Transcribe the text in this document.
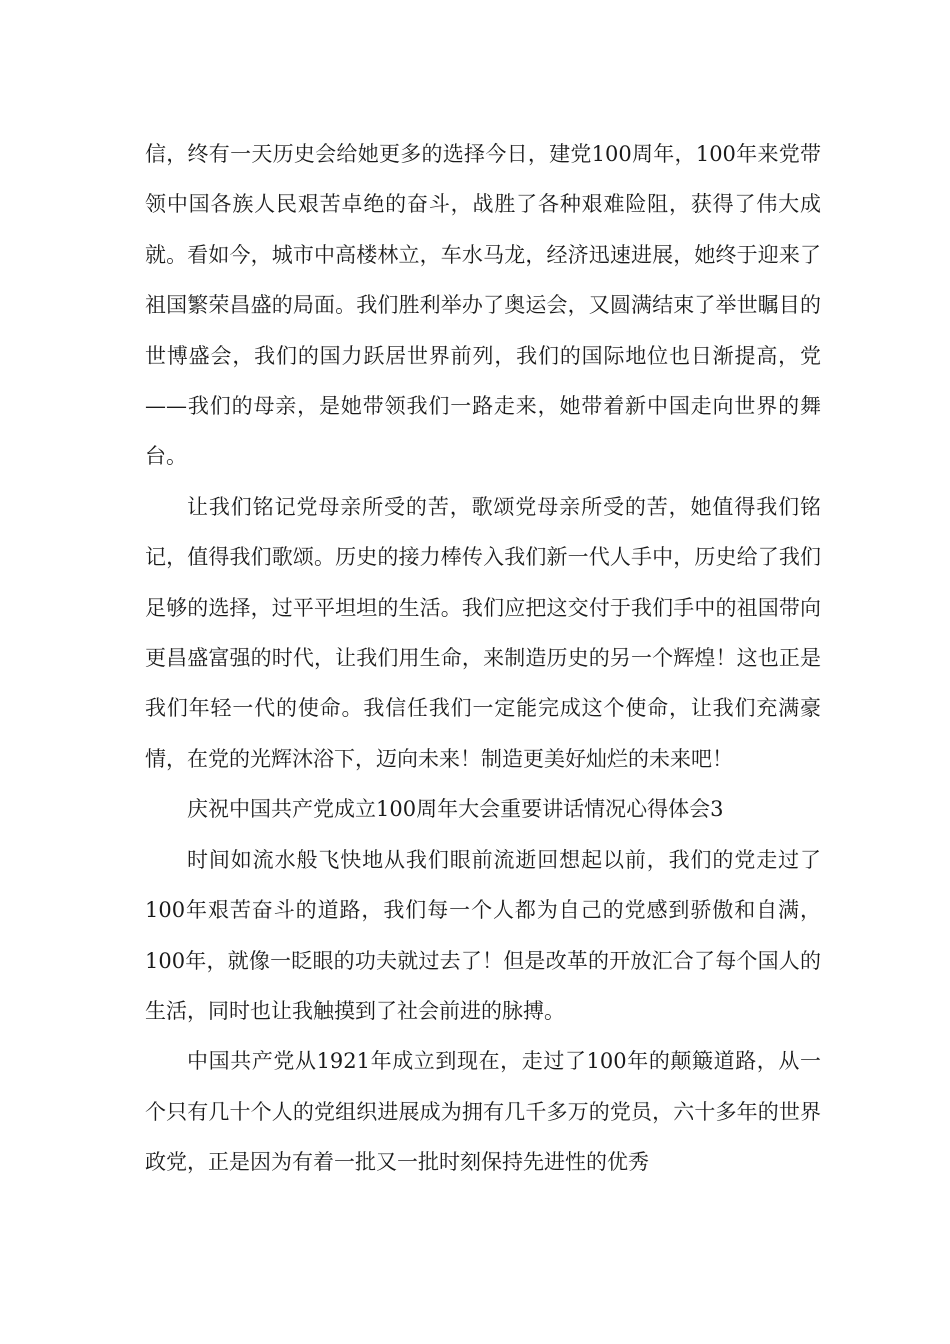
信，终有一天历史会给她更多的选择今日，建党100周年，100年来党带领中国各族人民艰苦卓绝的奋斗，战胜了各种艰难险阻，获得了伟大成就。看如今，城市中高楼林立，车水马龙，经济迅速进展，她终于迎来了祖国繁荣昌盛的局面。我们胜利举办了奥运会，又圆满结束了举世瞩目的世博盛会，我们的国力跃居世界前列，我们的国际地位也日渐提高，党——我们的母亲，是她带领我们一路走来，她带着新中国走向世界的舞台。

让我们铭记党母亲所受的苦，歌颂党母亲所受的苦，她值得我们铭记，值得我们歌颂。历史的接力棒传入我们新一代人手中，历史给了我们足够的选择，过平平坦坦的生活。我们应把这交付于我们手中的祖国带向更昌盛富强的时代，让我们用生命，来制造历史的另一个辉煌！这也正是我们年轻一代的使命。我信任我们一定能完成这个使命，让我们充满豪情，在党的光辉沐浴下，迈向未来！制造更美好灿烂的未来吧！

庆祝中国共产党成立100周年大会重要讲话情况心得体会3

时间如流水般飞快地从我们眼前流逝回想起以前，我们的党走过了100年艰苦奋斗的道路，我们每一个人都为自己的党感到骄傲和自满，100年，就像一眨眼的功夫就过去了！但是改革的开放汇合了每个国人的生活，同时也让我触摸到了社会前进的脉搏。

中国共产党从1921年成立到现在，走过了100年的颠簸道路，从一个只有几十个人的党组织进展成为拥有几千多万的党员，六十多年的世界政党，正是因为有着一批又一批时刻保持先进性的优秀
